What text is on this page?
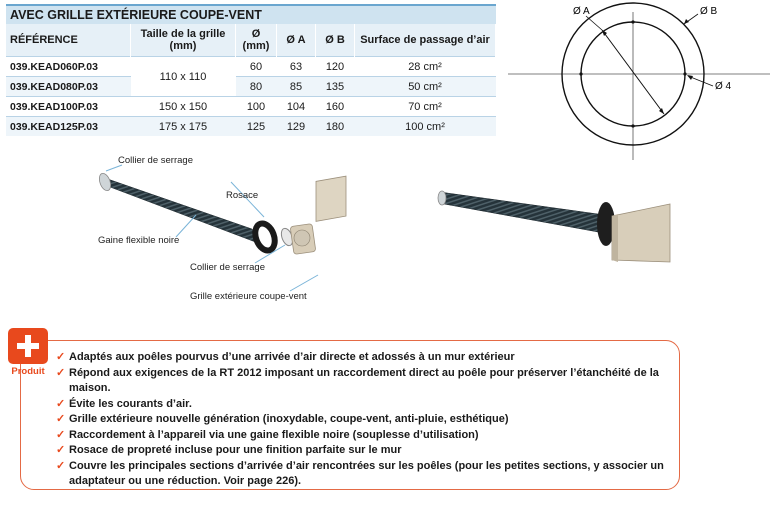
AVEC GRILLE EXTÉRIEURE COUPE-VENT
RÉFÉRENCE	Taille de la grille (mm)	Ø (mm)	Ø A	Ø B	Surface de passage d’air
039.KEAD060P.03	110 x 110	60	63	120	28 cm²
039.KEAD080P.03		80	85	135	50 cm²
039.KEAD100P.03	150 x 150	100	104	160	70 cm²
039.KEAD125P.03	175 x 175	125	129	180	100 cm²
Ø A	Ø B
Ø 4
Collier de serrage
Rosace
Gaine flexible noire
Collier de serrage
Grille extérieure coupe-vent
Produit
✓ Adaptés aux poêles pourvus d’une arrivée d’air directe et adossés à un mur extérieur
✓ Répond aux exigences de la RT 2012 imposant un raccordement direct au poêle pour préserver l’étanchéité de la maison.
✓ Évite les courants d’air.
✓ Grille extérieure nouvelle génération (inoxydable, coupe-vent, anti-pluie, esthétique)
✓ Raccordement à l’appareil via une gaine flexible noire (souplesse d’utilisation)
✓ Rosace de propreté incluse pour une finition parfaite sur le mur
✓ Couvre les principales sections d’arrivée d’air rencontrées sur les poêles (pour les petites sections, y associer un adaptateur ou une réduction. Voir page 226).
